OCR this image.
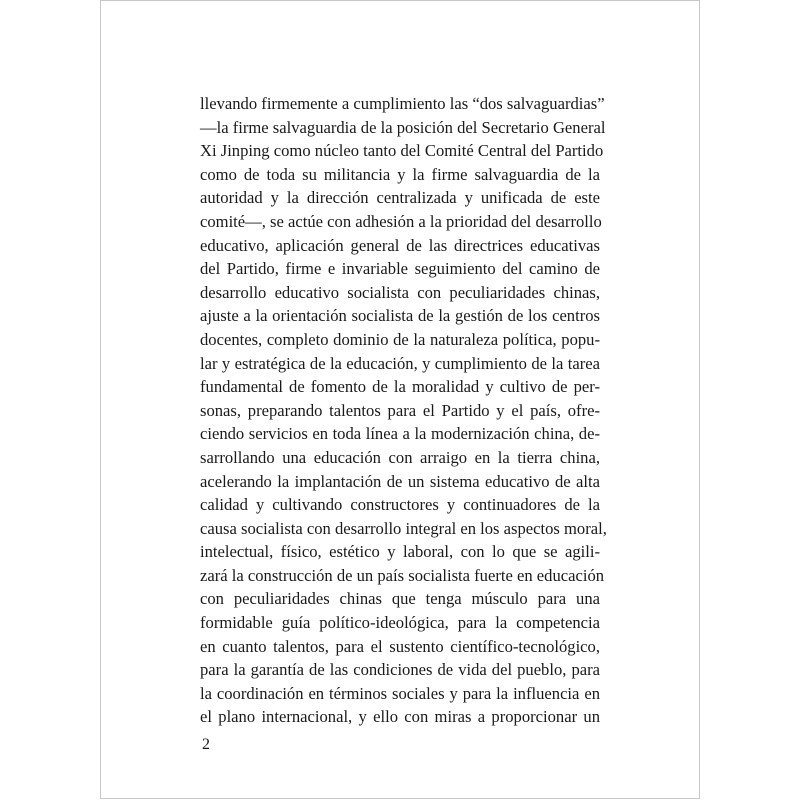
llevando firmemente a cumplimiento las “dos salvaguardias”
—la firme salvaguardia de la posición del Secretario General
Xi Jinping como núcleo tanto del Comité Central del Partido
como de toda su militancia y la firme salvaguardia de la
autoridad y la dirección centralizada y unificada de este
comité—, se actúe con adhesión a la prioridad del desarrollo
educativo, aplicación general de las directrices educativas
del Partido, firme e invariable seguimiento del camino de
desarrollo educativo socialista con peculiaridades chinas,
ajuste a la orientación socialista de la gestión de los centros
docentes, completo dominio de la naturaleza política, popu-
lar y estratégica de la educación, y cumplimiento de la tarea
fundamental de fomento de la moralidad y cultivo de per-
sonas, preparando talentos para el Partido y el país, ofre-
ciendo servicios en toda línea a la modernización china, de-
sarrollando una educación con arraigo en la tierra china,
acelerando la implantación de un sistema educativo de alta
calidad y cultivando constructores y continuadores de la
causa socialista con desarrollo integral en los aspectos moral,
intelectual, físico, estético y laboral, con lo que se agili-
zará la construcción de un país socialista fuerte en educación
con peculiaridades chinas que tenga músculo para una
formidable guía político-ideológica, para la competencia
en cuanto talentos, para el sustento científico-tecnológico,
para la garantía de las condiciones de vida del pueblo, para
la coordinación en términos sociales y para la influencia en
el plano internacional, y ello con miras a proporcionar un
2
